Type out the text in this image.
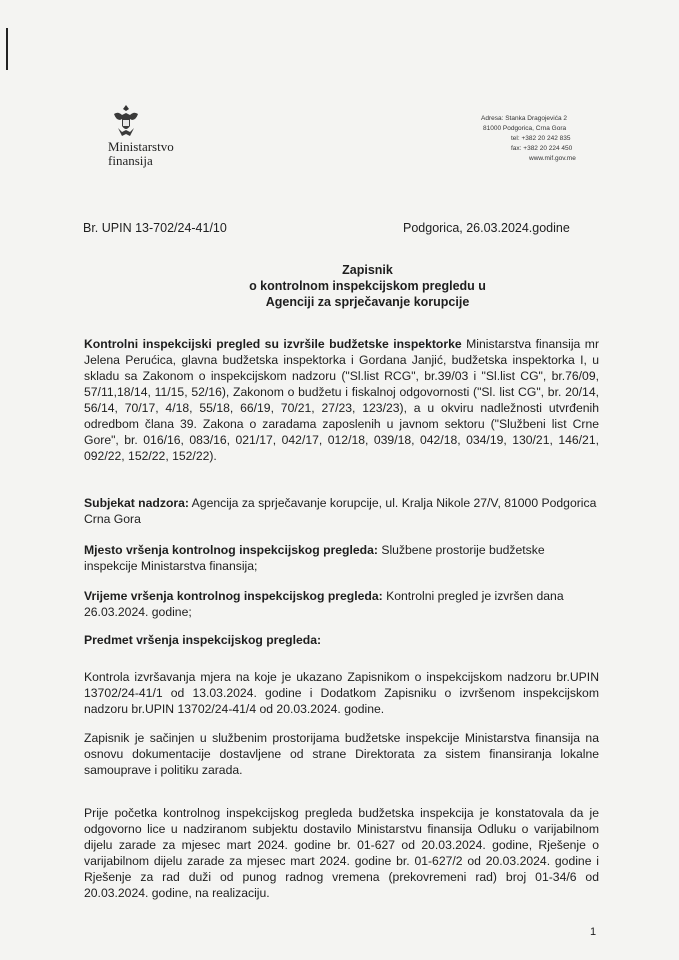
Ministarstvo
finansija
Adresa: Stanka Dragojevića 2
81000 Podgorica, Crna Gora
tel: +382 20 242 835
fax: +382 20 224 450
www.mif.gov.me
Br. UPIN 13-702/24-41/10	Podgorica, 26.03.2024.godine
Zapisnik
o kontrolnom inspekcijskom pregledu u
Agenciji za sprječavanje korupcije
Kontrolni inspekcijski pregled su izvršile budžetske inspektorke Ministarstva finansija mr Jelena Perućica, glavna budžetska inspektorka i Gordana Janjić, budžetska inspektorka I, u skladu sa Zakonom o inspekcijskom nadzoru ("Sl.list RCG", br.39/03 i "Sl.list CG", br.76/09, 57/11,18/14, 11/15, 52/16), Zakonom o budžetu i fiskalnoj odgovornosti ("Sl. list CG", br. 20/14, 56/14, 70/17, 4/18, 55/18, 66/19, 70/21, 27/23, 123/23), a u okviru nadležnosti utvrđenih odredbom člana 39. Zakona o zaradama zaposlenih u javnom sektoru ("Službeni list Crne Gore", br. 016/16, 083/16, 021/17, 042/17, 012/18, 039/18, 042/18, 034/19, 130/21, 146/21, 092/22, 152/22, 152/22).
Subjekat nadzora: Agencija za sprječavanje korupcije, ul. Kralja Nikole 27/V, 81000 Podgorica Crna Gora
Mjesto vršenja kontrolnog inspekcijskog pregleda: Službene prostorije budžetske inspekcije Ministarstva finansija;
Vrijeme vršenja kontrolnog inspekcijskog pregleda: Kontrolni pregled je izvršen dana 26.03.2024. godine;
Predmet vršenja inspekcijskog pregleda:
Kontrola izvršavanja mjera na koje je ukazano Zapisnikom o inspekcijskom nadzoru br.UPIN 13702/24-41/1 od 13.03.2024. godine i Dodatkom Zapisniku o izvršenom inspekcijskom nadzoru br.UPIN 13702/24-41/4 od 20.03.2024. godine.
Zapisnik je sačinjen u službenim prostorijama budžetske inspekcije Ministarstva finansija na osnovu dokumentacije dostavljene od strane Direktorata za sistem finansiranja lokalne samouprave i politiku zarada.
Prije početka kontrolnog inspekcijskog pregleda budžetska inspekcija je konstatovala da je odgovorno lice u nadziranom subjektu dostavilo Ministarstvu finansija Odluku o varijabilnom dijelu zarade za mjesec mart 2024. godine br. 01-627 od 20.03.2024. godine, Rješenje o varijabilnom dijelu zarade za mjesec mart 2024. godine br. 01-627/2 od 20.03.2024. godine i Rješenje za rad duži od punog radnog vremena (prekovremeni rad) broj 01-34/6 od 20.03.2024. godine, na realizaciju.
1
